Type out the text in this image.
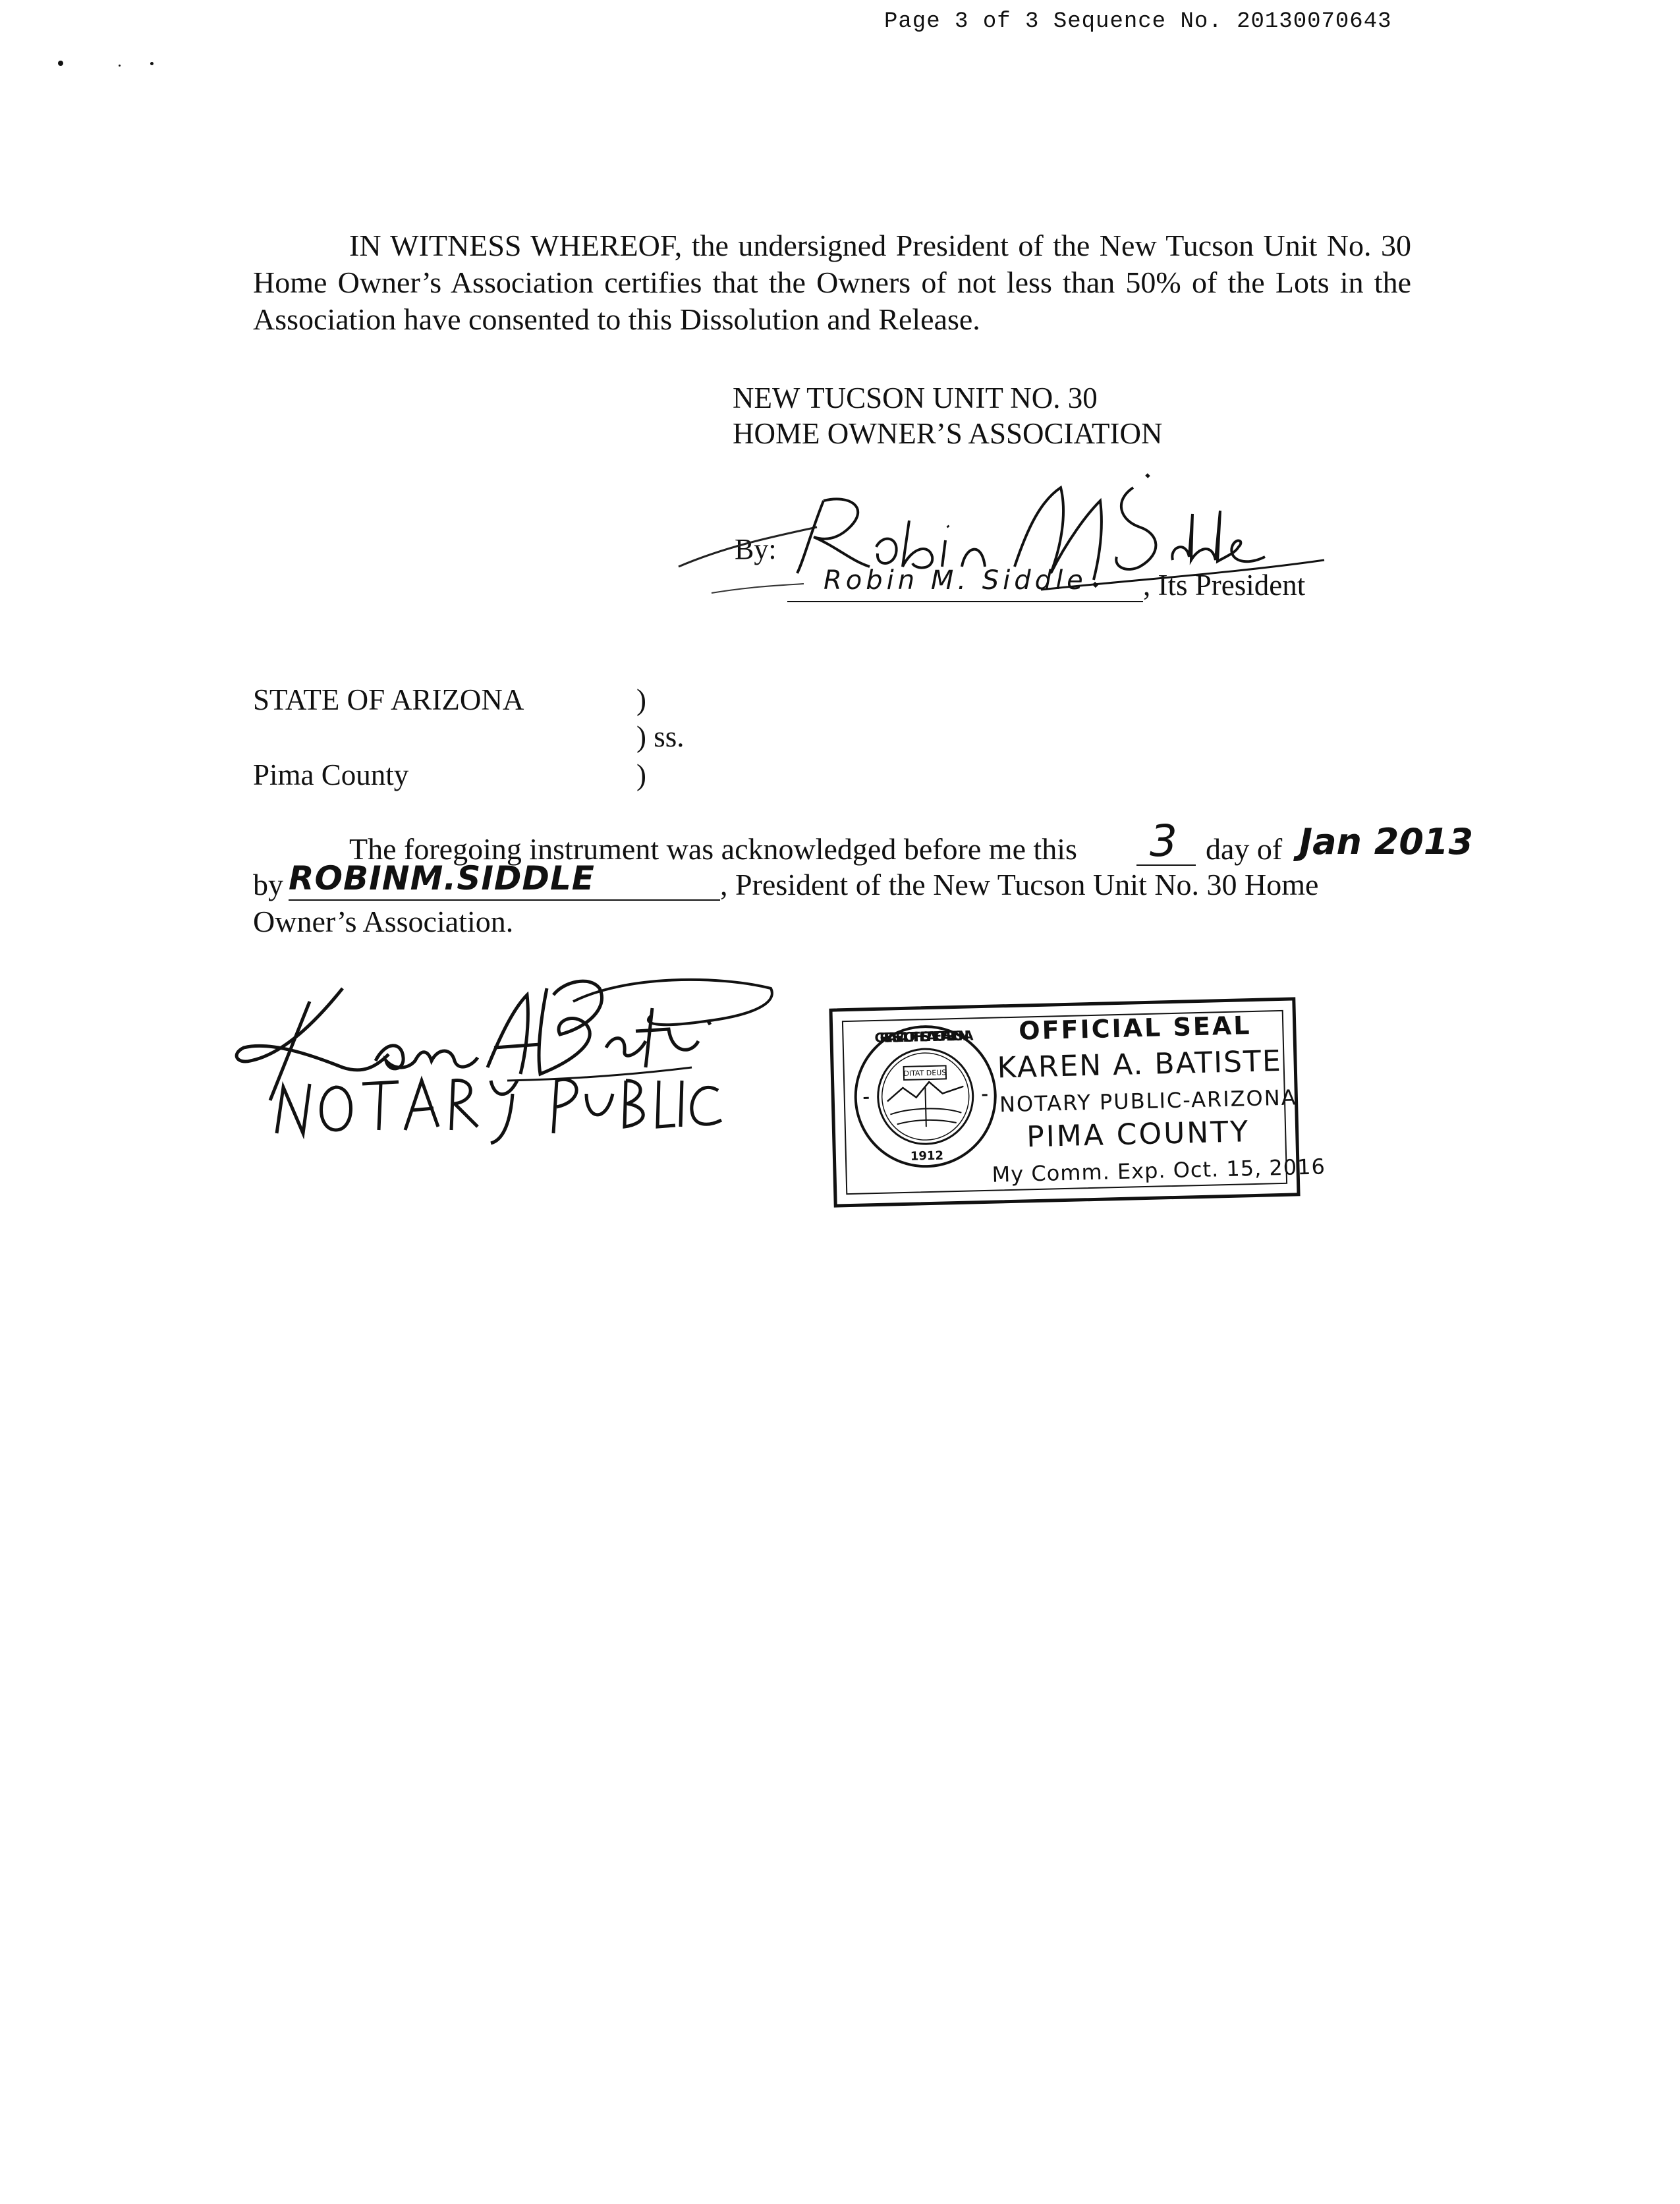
Page 3 of 3 Sequence No. 20130070643

IN WITNESS WHEREOF, the undersigned President of the New Tucson Unit No. 30 Home Owner’s Association certifies that the Owners of not less than 50% of the Lots in the Association have consented to this Dissolution and Release.

NEW TUCSON UNIT NO. 30
HOME OWNER’S ASSOCIATION
By:
Robin M. Siddle , Its President
STATE OF ARIZONA	)
) ss.
Pima County	)
The foregoing instrument was acknowledged before me this 3 day of Jan 2013
by ROBINM.SIDDLE	, President of the New Tucson Unit No. 30 Home
Owner’s Association.
GREAT SEAL OF THE STATE OF ARIZONA
DITAT DEUS
1912
OFFICIAL SEAL
KAREN A. BATISTE
NOTARY PUBLIC-ARIZONA
PIMA COUNTY
My Comm. Exp. Oct. 15, 2016
